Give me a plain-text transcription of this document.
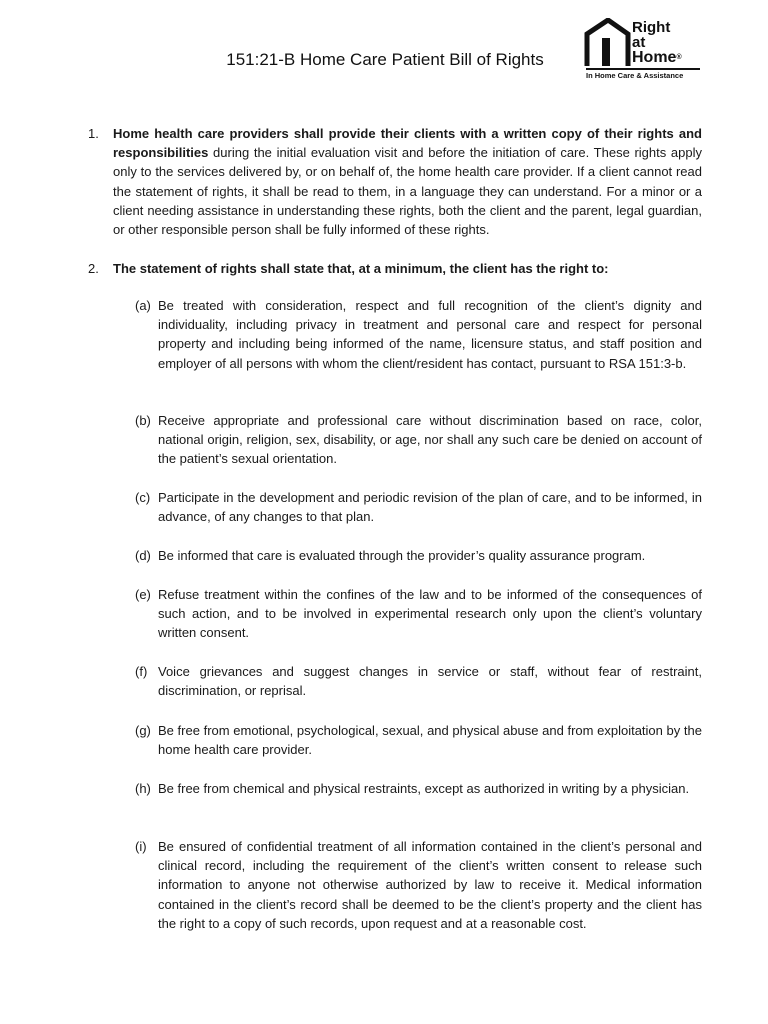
151:21-B Home Care Patient Bill of Rights
Right
at
Home®
In Home Care & Assistance
1.	Home health care providers shall provide their clients with a written copy of their rights and responsibilities during the initial evaluation visit and before the initiation of care. These rights apply only to the services delivered by, or on behalf of, the home health care provider. If a client cannot read the statement of rights, it shall be read to them, in a language they can understand. For a minor or a client needing assistance in understanding these rights, both the client and the parent, legal guardian, or other responsible person shall be fully informed of these rights.
2.	The statement of rights shall state that, at a minimum, the client has the right to:
(a) Be treated with consideration, respect and full recognition of the client’s dignity and individuality, including privacy in treatment and personal care and respect for personal property and including being informed of the name, licensure status, and staff position and employer of all persons with whom the client/resident has contact, pursuant to RSA 151:3-b.
(b) Receive appropriate and professional care without discrimination based on race, color, national origin, religion, sex, disability, or age, nor shall any such care be denied on account of the patient’s sexual orientation.
(c) Participate in the development and periodic revision of the plan of care, and to be informed, in advance, of any changes to that plan.
(d) Be informed that care is evaluated through the provider’s quality assurance program.
(e) Refuse treatment within the confines of the law and to be informed of the consequences of such action, and to be involved in experimental research only upon the client’s voluntary written consent.
(f) Voice grievances and suggest changes in service or staff, without fear of restraint, discrimination, or reprisal.
(g) Be free from emotional, psychological, sexual, and physical abuse and from exploitation by the home health care provider.
(h) Be free from chemical and physical restraints, except as authorized in writing by a physician.
(i) Be ensured of confidential treatment of all information contained in the client’s personal and clinical record, including the requirement of the client’s written consent to release such information to anyone not otherwise authorized by law to receive it. Medical information contained in the client’s record shall be deemed to be the client’s property and the client has the right to a copy of such records, upon request and at a reasonable cost.
